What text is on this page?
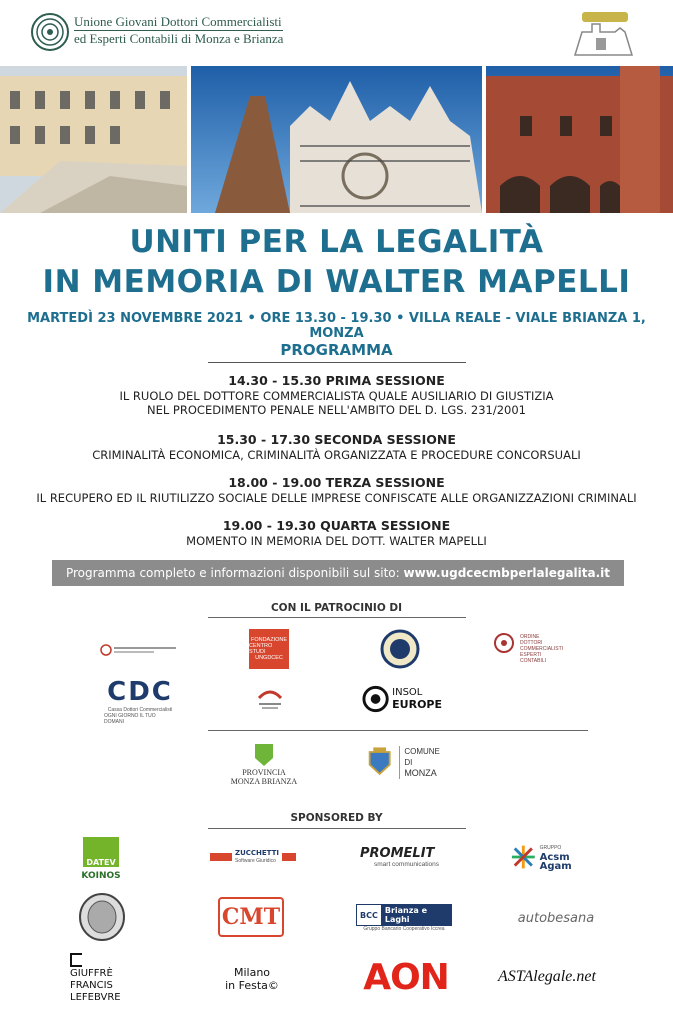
Unione Giovani Dottori Commercialisti
ed Esperti Contabili di Monza e Brianza
UNITI PER LA LEGALITÀ
IN MEMORIA DI WALTER MAPELLI
MARTEDÌ 23 NOVEMBRE 2021 • ORE 13.30 - 19.30 • VILLA REALE - VIALE BRIANZA 1, MONZA
PROGRAMMA
14.30 - 15.30 PRIMA SESSIONE
IL RUOLO DEL DOTTORE COMMERCIALISTA QUALE AUSILIARIO DI GIUSTIZIA
NEL PROCEDIMENTO PENALE NELL'AMBITO DEL D. LGS. 231/2001
15.30 - 17.30 SECONDA SESSIONE
CRIMINALITÀ ECONOMICA, CRIMINALITÀ ORGANIZZATA E PROCEDURE CONCORSUALI
18.00 - 19.00 TERZA SESSIONE
IL RECUPERO ED IL RIUTILIZZO SOCIALE DELLE IMPRESE CONFISCATE ALLE ORGANIZZAZIONI CRIMINALI
19.00 - 19.30 QUARTA SESSIONE
MOMENTO IN MEMORIA DEL DOTT. WALTER MAPELLI
Programma completo e informazioni disponibili sul sito: www.ugdcecmbperlalegalita.it
CON IL PATROCINIO DI
FONDAZIONE
CENTRO STUDI
UNGDCEC
ORDINE
DOTTORI
COMMERCIALISTI
ESPERTI
CONTABILI
CDC
Cassa Dottori Commercialisti
OGNI GIORNO IL TUO DOMANI
INSOL
EUROPE
PROVINCIA
MONZA BRIANZA
COMUNE DI
MONZA
SPONSORED BY
DATEV
KOINOS
ZUCCHETTI
Software Giuridico	PROMELIT
smart communications
GRUPPO
Acsm Agam
CMT	BCC Brianza e Laghi
Gruppo Bancario Cooperativo Iccrea
autobesana
GIUFFRÈ
FRANCIS
LEFEBVRE
Milano
in Festa© AON	ASTAlegale.net
